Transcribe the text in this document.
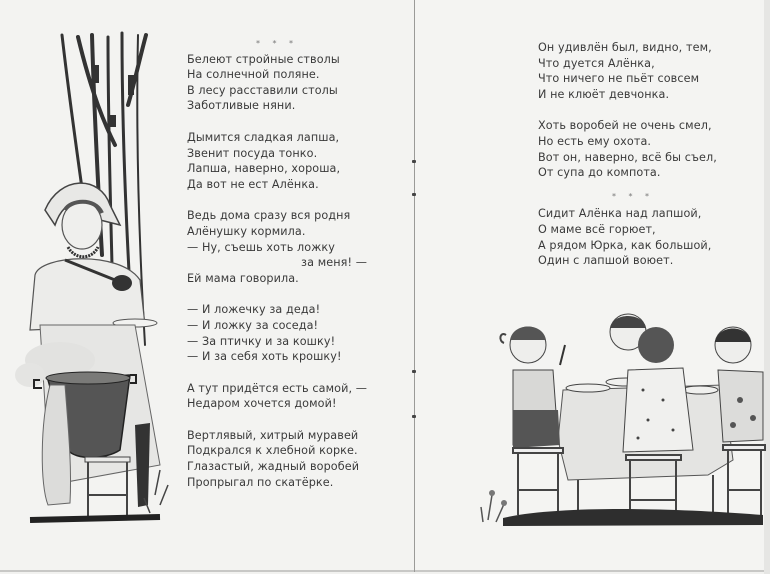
* * *
Белеют стройные стволы
На солнечной поляне.
В лесу расставили столы
Заботливые няни.
Дымится сладкая лапша,
Звенит посуда тонко.
Лапша, наверно, хороша,
Да вот не ест Алёнка.
Ведь дома сразу вся родня
Алёнушку кормила.
— Ну, съешь хоть ложку
за меня! —
Ей мама говорила.
— И ложечку за деда!
— И ложку за соседа!
— За птичку и за кошку!
— И за себя хоть крошку!
А тут придётся есть самой, —
Недаром хочется домой!
Вертлявый, хитрый муравей
Подкрался к хлебной корке.
Глазастый, жадный воробей
Пропрыгал по скатёрке.
Он удивлён был, видно, тем,
Что дуется Алёнка,
Что ничего не пьёт совсем
И не клюёт девчонка.
Хоть воробей не очень смел,
Но есть ему охота.
Вот он, наверно, всё бы съел,
От супа до компота.
* * *
Сидит Алёнка над лапшой,
О маме всё горюет,
А рядом Юрка, как большой,
Один с лапшой воюет.
